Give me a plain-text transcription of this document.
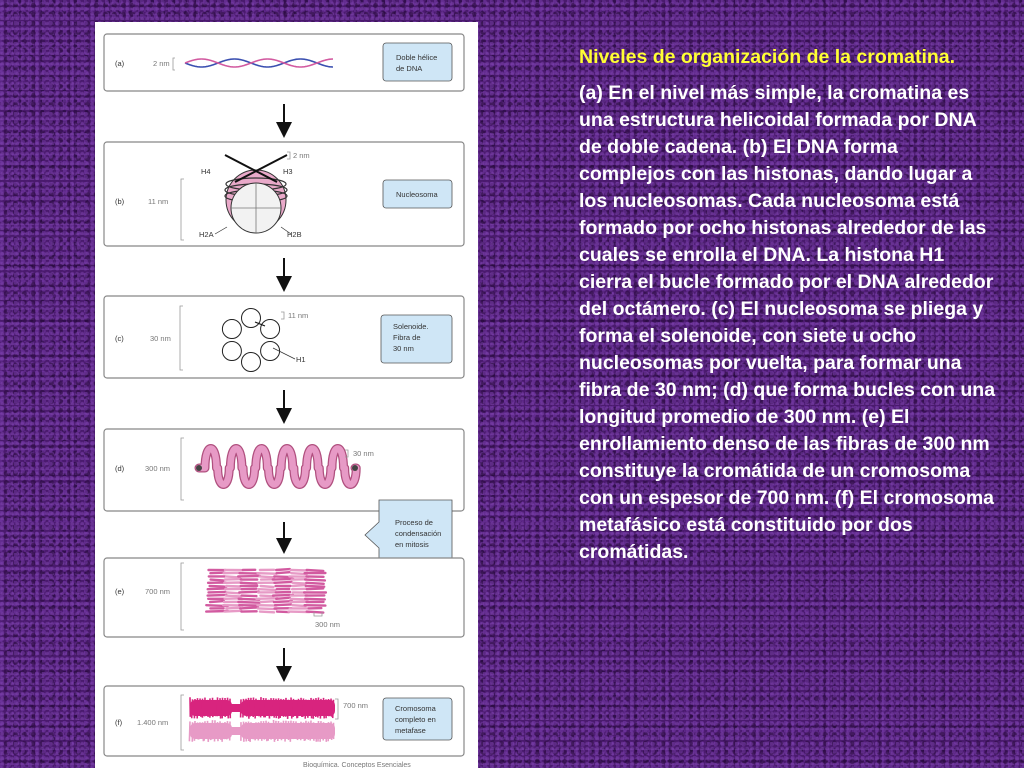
(a)	2 nm
Doble hélice
de DNA
(b)	11 nm
H4	H3
H2A	H2B
2 nm
Nucleosoma
(c)	30 nm
H1
11 nm
Solenoide.
Fibra de
30 nm
(d)	300 nm
30 nm
Proceso de
condensación
en mitosis
(e)	700 nm
300 nm
(f) 1.400 nm
700 nm	Cromosoma
completo en
metafase
Bioquímica. Conceptos Esenciales

Niveles de organización de la cromatina.

(a) En el nivel más simple, la cromatina es una estructura helicoidal formada por DNA de doble cadena. (b) El DNA forma complejos con las histonas, dando lugar a los nucleosomas. Cada nucleosoma está formado por ocho histonas alrededor de las cuales se enrolla el DNA. La histona H1 cierra el bucle formado por el DNA alrededor del octámero. (c) El nucleosoma se pliega y forma el solenoide, con siete u ocho nucleosomas por vuelta, para formar una fibra de 30 nm; (d) que forma bucles con una longitud promedio de 300 nm. (e) El enrollamiento denso de las fibras de 300 nm constituye la cromátida de un cromosoma con un espesor de 700 nm. (f) El cromosoma metafásico está constituido por dos cromátidas.
